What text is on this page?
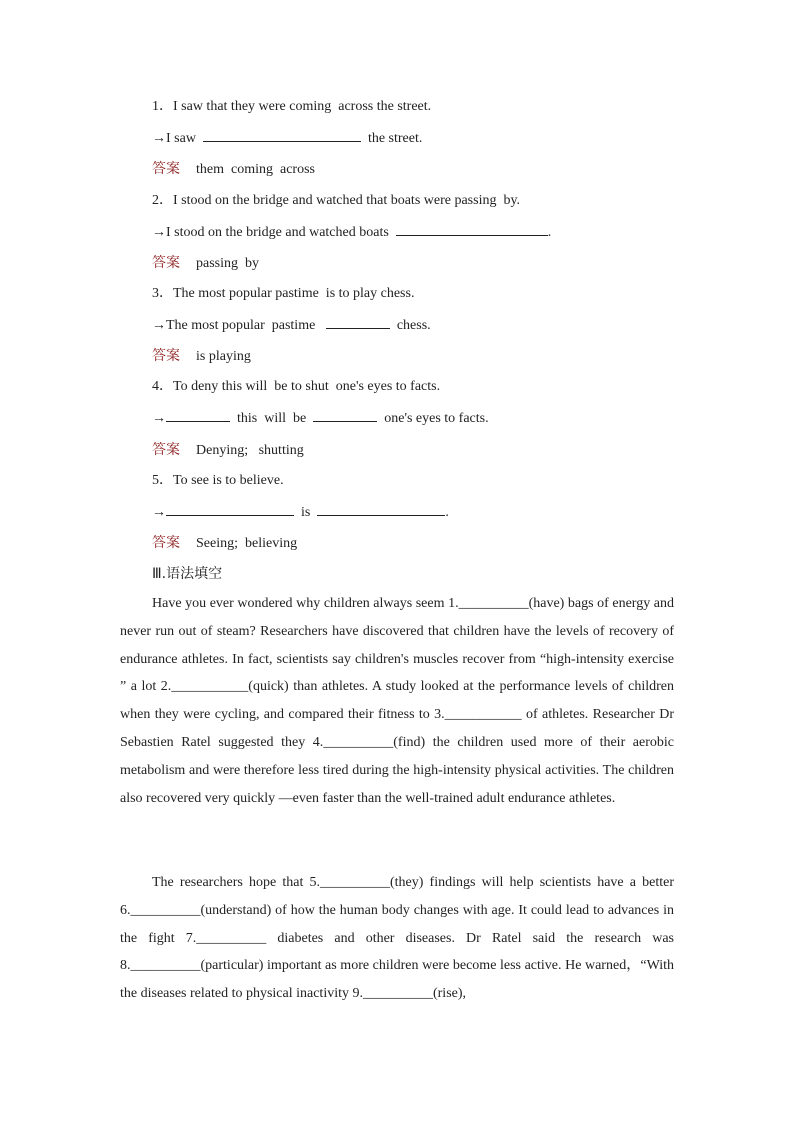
1．I saw that they were coming  across the street.
→I saw	the street.
答案 them  coming  across
2．I stood on the bridge and watched that boats were passing  by.
→I stood on the bridge and watched boats	.
答案 passing  by
3．The most popular pastime  is to play chess.
→The most popular  pastime	chess.
答案 is playing
4．To deny this will  be to shut  one's eyes to facts.
→	this  will  be	one's eyes to facts.
答案 Denying;   shutting
5．To see is to believe.
→	is	.
答案 Seeing;  believing
Ⅲ.语法填空
Have you ever wondered why children always seem 1.__________(have) bags of energy and never run out of steam? Researchers have discovered that children have the levels of recovery of endurance athletes. In fact, scientists say children's muscles recover from “high-intensity exercise ” a lot 2.___________(quick) than athletes. A study looked at the performance levels of children when they were cycling, and compared their fitness to 3.___________ of athletes. Researcher Dr Sebastien Ratel suggested they 4.__________(find) the children used more of their aerobic metabolism and were therefore less tired during the high-intensity physical activities. The children also recovered very quickly —even faster than the well-trained adult endurance athletes.
The researchers hope that 5.__________(they) findings will help scientists have a better 6.__________(understand) of how the human body changes with age. It could lead to advances in the fight 7.__________ diabetes and other diseases. Dr Ratel said the research was 8.__________(particular) important as more children were become less active. He warned，“With the diseases related to physical inactivity 9.__________(rise),
